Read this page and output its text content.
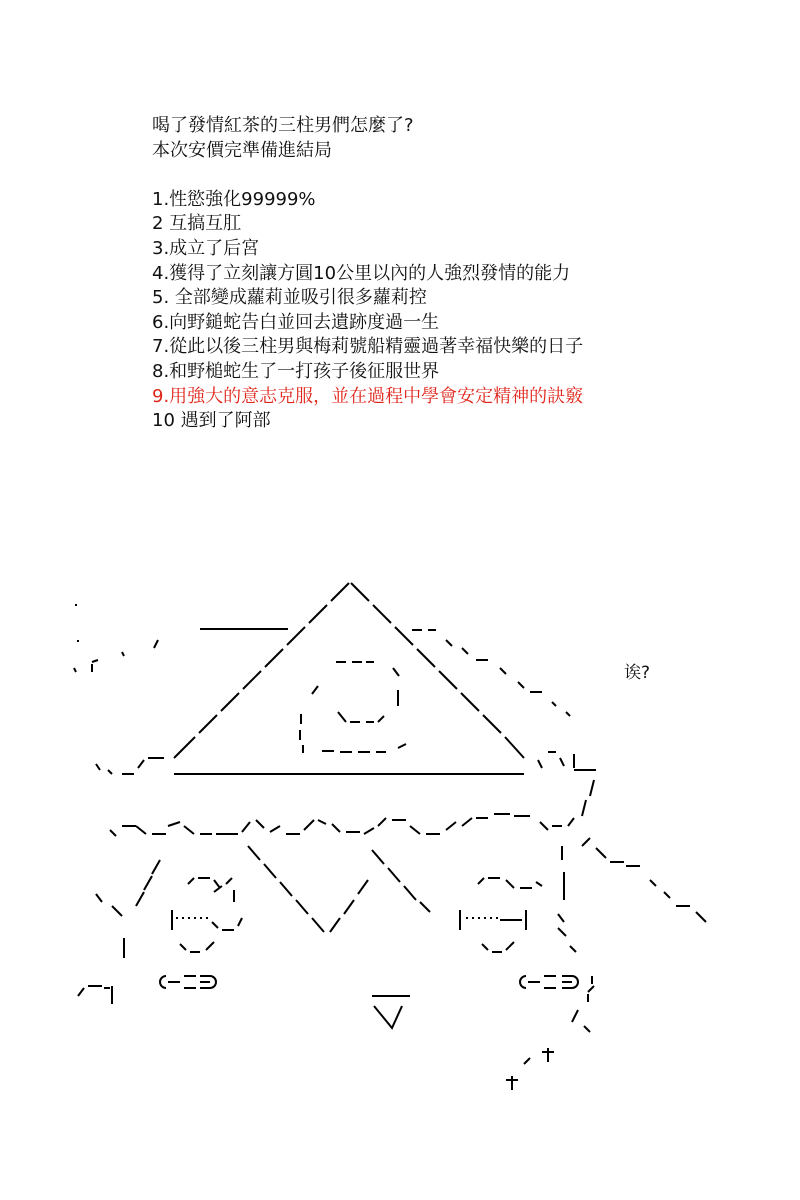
喝了發情紅茶的三柱男們怎麼了?
本次安價完準備進結局
1.性慾強化99999%
2 互搞互肛
3.成立了后宮
4.獲得了立刻讓方圓10公里以內的人強烈發情的能力
5. 全部變成蘿莉並吸引很多蘿莉控
6.向野鎚蛇告白並回去遺跡度過一生
7.從此以後三柱男與梅莉號船精靈過著幸福快樂的日子
8.和野槌蛇生了一打孩子後征服世界
9.用強大的意志克服，並在過程中學會安定精神的訣竅
10 遇到了阿部
诶?
